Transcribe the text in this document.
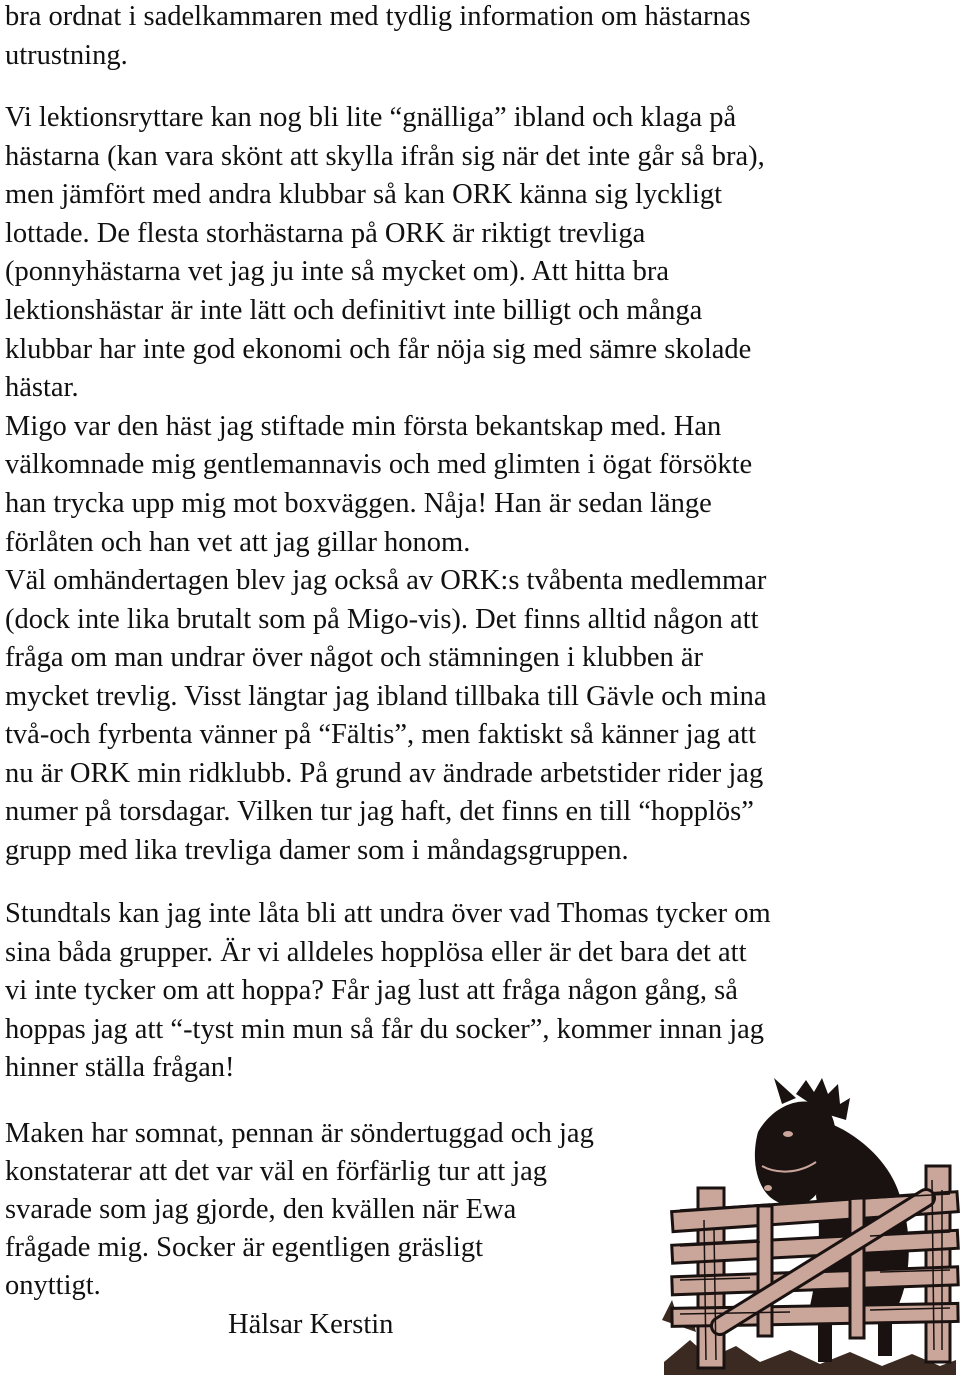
bra ordnat i sadelkammaren med tydlig information om hästarnas
utrustning.
Vi lektionsryttare kan nog bli lite “gnälliga” ibland och klaga på
hästarna (kan vara skönt att skylla ifrån sig när det inte går så bra),
men jämfört med andra klubbar så kan ORK känna sig lyckligt
lottade. De flesta storhästarna på ORK är riktigt trevliga
(ponnyhästarna vet jag ju inte så mycket om). Att hitta bra
lektionshästar är inte lätt och definitivt inte billigt och många
klubbar har inte god ekonomi och får nöja sig med sämre skolade
hästar.
Migo var den häst jag stiftade min första bekantskap med. Han
välkomnade mig gentlemannavis och med glimten i ögat försökte
han trycka upp mig mot boxväggen. Nåja! Han är sedan länge
förlåten och han vet att jag gillar honom.
Väl omhändertagen blev jag också av ORK:s tvåbenta medlemmar
(dock inte lika brutalt som på Migo-vis). Det finns alltid någon att
fråga om man undrar över något och stämningen i klubben är
mycket trevlig. Visst längtar jag ibland tillbaka till Gävle och mina
två-och fyrbenta vänner på “Fältis”, men faktiskt så känner jag att
nu är ORK min ridklubb. På grund av ändrade arbetstider rider jag
numer på torsdagar. Vilken tur jag haft, det finns en till “hopplös”
grupp med lika trevliga damer som i måndagsgruppen.
Stundtals kan jag inte låta bli att undra över vad Thomas tycker om
sina båda grupper. Är vi alldeles hopplösa eller är det bara det att
vi inte tycker om att hoppa? Får jag lust att fråga någon gång, så
hoppas jag att “-tyst min mun så får du socker”, kommer innan jag
hinner ställa frågan!
Maken har somnat, pennan är söndertuggad och jag
konstaterar att det var väl en förfärlig tur att jag
svarade som jag gjorde, den kvällen när Ewa
frågade mig. Socker är egentligen gräsligt
onyttigt.
Hälsar Kerstin
